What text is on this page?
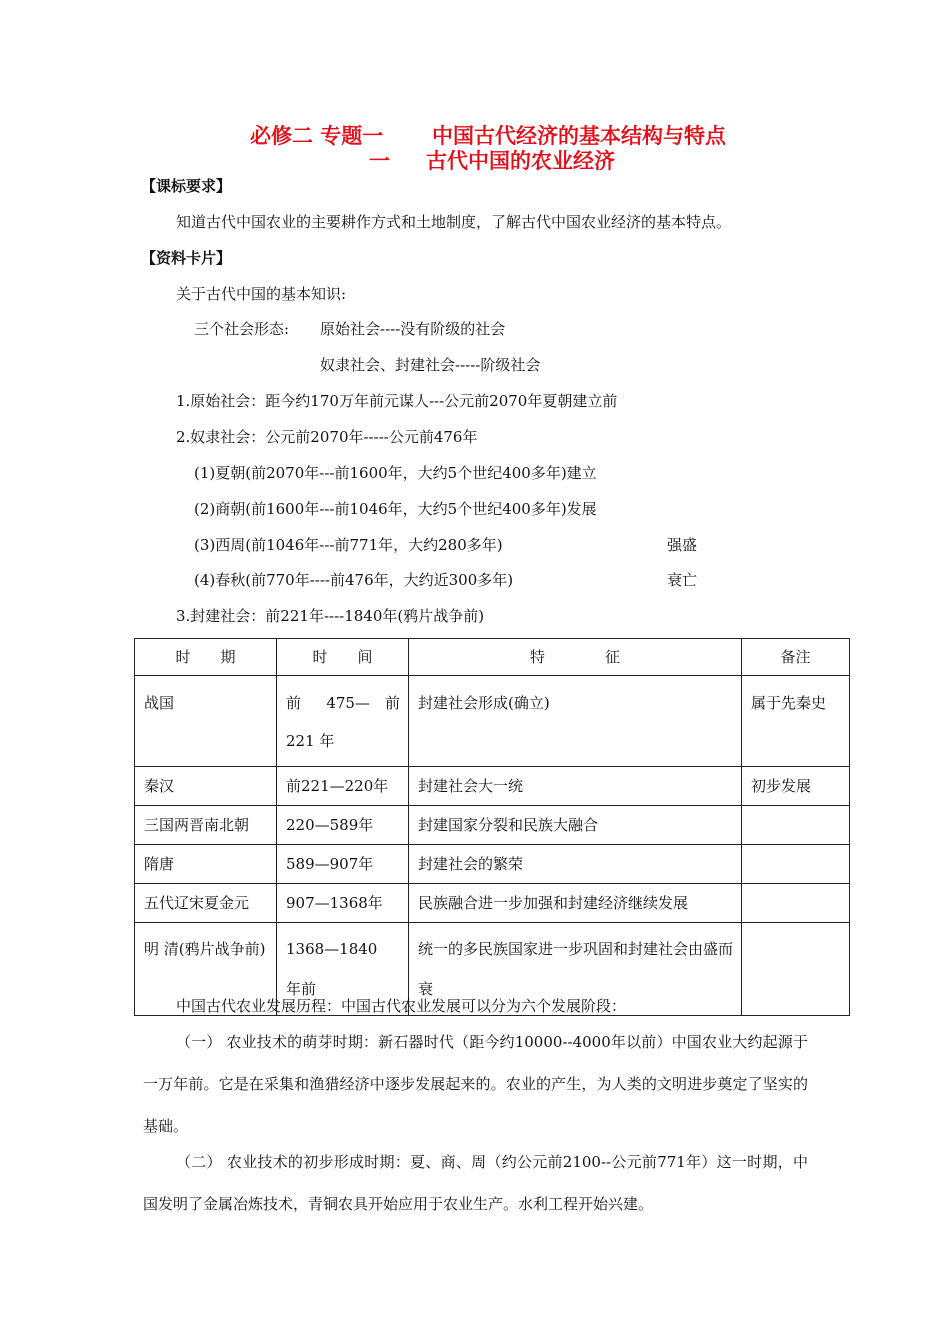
必修二 专题一 中国古代经济的基本结构与特点
一 古代中国的农业经济
【课标要求】
知道古代中国农业的主要耕作方式和土地制度，了解古代中国农业经济的基本特点。
【资料卡片】
关于古代中国的基本知识:
三个社会形态: 原始社会----没有阶级的社会
奴隶社会、封建社会-----阶级社会
1.原始社会：距今约170万年前元谋人---公元前2070年夏朝建立前
2.奴隶社会：公元前2070年-----公元前476年
(1)夏朝(前2070年---前1600年，大约5个世纪400多年)建立
(2)商朝(前1600年---前1046年，大约5个世纪400多年)发展
(3)西周(前1046年---前771年，大约280多年)	强盛
(4)春秋(前770年----前476年，大约近300多年)	衰亡
3.封建社会：前221年----1840年(鸦片战争前)
时　　期	时　　间	特　　　　征	备注
战国	前 475— 前 221 年	封建社会形成(确立)	属于先秦史
秦汉	前221—220年	封建社会大一统	初步发展
三国两晋南北朝	220—589年	封建国家分裂和民族大融合	
隋唐	589—907年	封建社会的繁荣	
五代辽宋夏金元	907—1368年	民族融合进一步加强和封建经济继续发展	
明 清(鸦片战争前)	1368—1840　年前	统一的多民族国家进一步巩固和封建社会由盛而衰	
中国古代农业发展历程：中国古代农业发展可以分为六个发展阶段：
（一） 农业技术的萌芽时期：新石器时代（距今约10000--4000年以前）中国农业大约起源于一万年前。它是在采集和渔猎经济中逐步发展起来的。农业的产生，为人类的文明进步奠定了坚实的基础。
（二） 农业技术的初步形成时期：夏、商、周（约公元前2100--公元前771年）这一时期，中国发明了金属冶炼技术，青铜农具开始应用于农业生产。水利工程开始兴建。
